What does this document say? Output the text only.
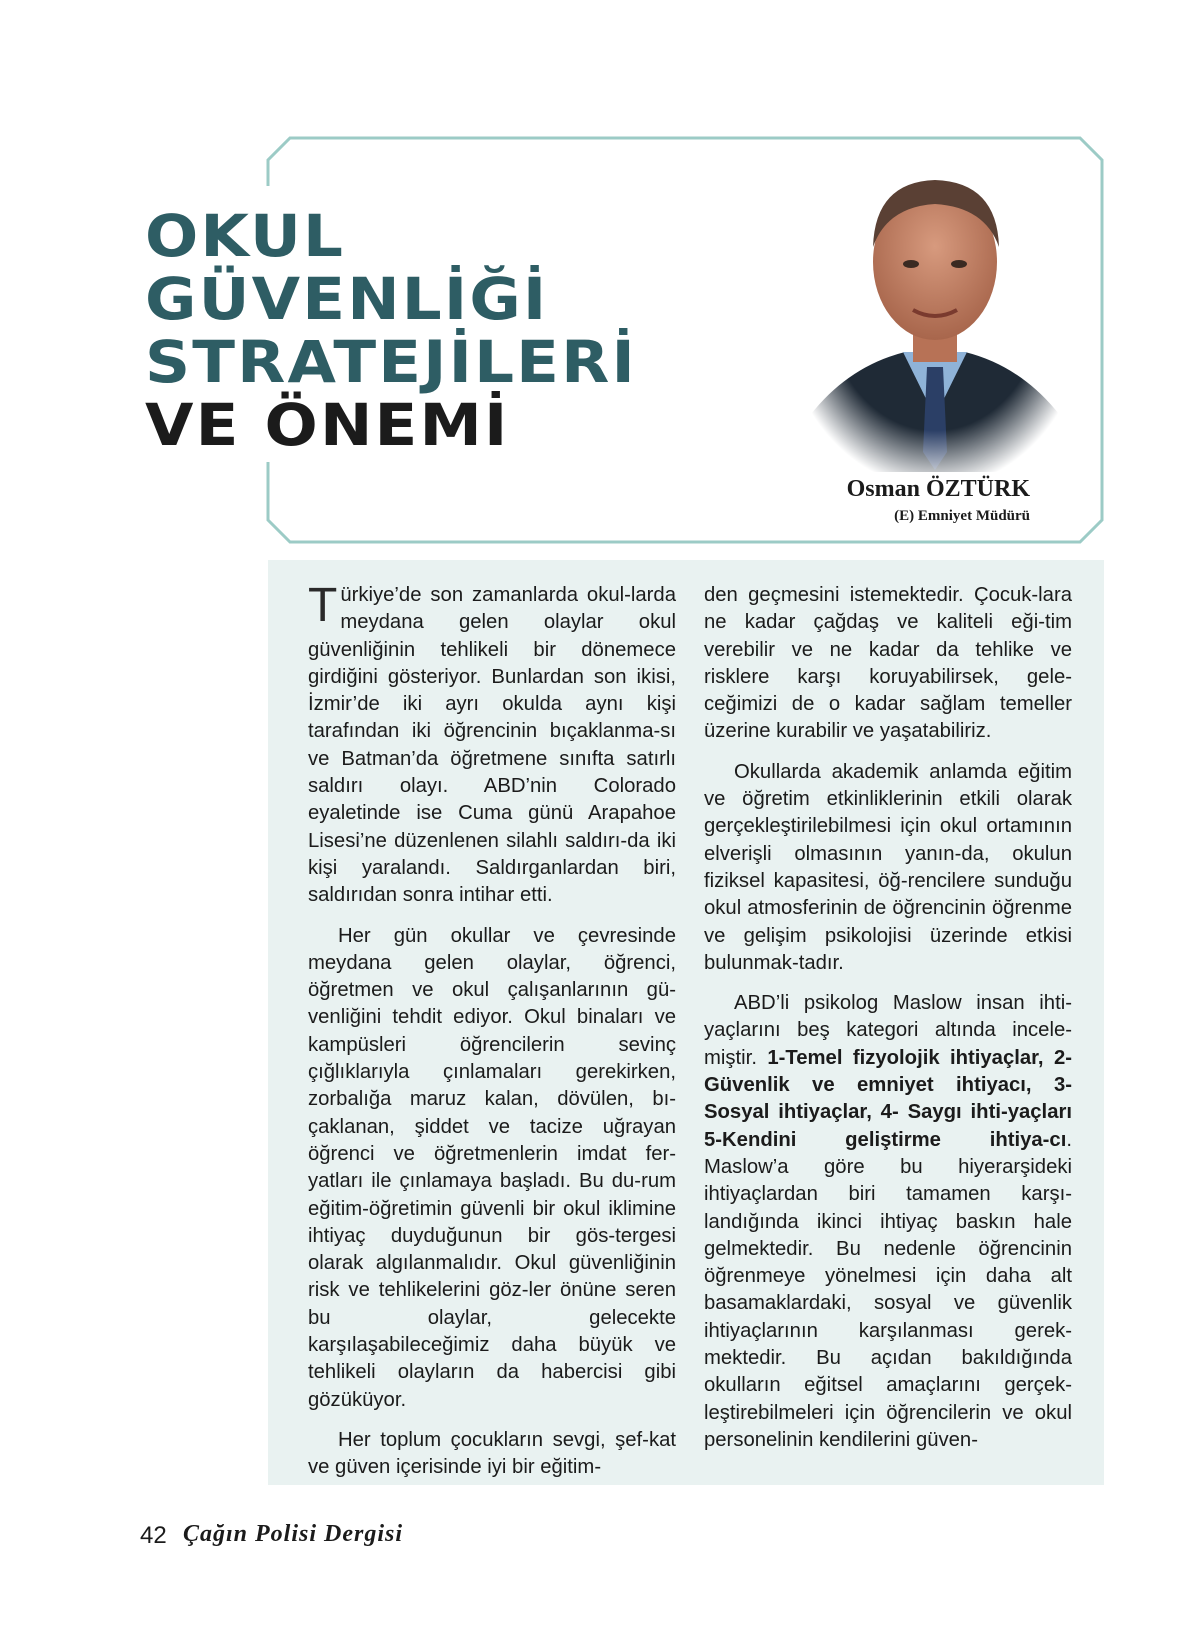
OKUL
GÜVENLİĞİ
STRATEJİLERİ
VE ÖNEMİ
Osman ÖZTÜRK
(E) Emniyet Müdürü

Türkiye’de son zamanlarda okul-larda meydana gelen olaylar okul güvenliğinin tehlikeli bir dönemece girdiğini gösteriyor. Bunlardan son ikisi, İzmir’de iki ayrı okulda aynı kişi tarafından iki öğrencinin bıçaklanma-sı ve Batman’da öğretmene sınıfta satırlı saldırı olayı. ABD’nin Colorado eyaletinde ise Cuma günü Arapahoe Lisesi’ne düzenlenen silahlı saldırı-da iki kişi yaralandı. Saldırganlardan biri, saldırıdan sonra intihar etti.

Her gün okullar ve çevresinde meydana gelen olaylar, öğrenci, öğretmen ve okul çalışanlarının gü-venliğini tehdit ediyor. Okul binaları ve kampüsleri öğrencilerin sevinç çığlıklarıyla çınlamaları gerekirken, zorbalığa maruz kalan, dövülen, bı-çaklanan, şiddet ve tacize uğrayan öğrenci ve öğretmenlerin imdat fer-yatları ile çınlamaya başladı. Bu du-rum eğitim-öğretimin güvenli bir okul iklimine ihtiyaç duyduğunun bir gös-tergesi olarak algılanmalıdır. Okul güvenliğinin risk ve tehlikelerini göz-ler önüne seren bu olaylar, gelecekte karşılaşabileceğimiz daha büyük ve tehlikeli olayların da habercisi gibi gözüküyor.

Her toplum çocukların sevgi, şef-kat ve güven içerisinde iyi bir eğitim-

den geçmesini istemektedir. Çocuk-lara ne kadar çağdaş ve kaliteli eği-tim verebilir ve ne kadar da tehlike ve risklere karşı koruyabilirsek, gele-ceğimizi de o kadar sağlam temeller üzerine kurabilir ve yaşatabiliriz.

Okullarda akademik anlamda eğitim ve öğretim etkinliklerinin etkili olarak gerçekleştirilebilmesi için okul ortamının elverişli olmasının yanın-da, okulun fiziksel kapasitesi, öğ-rencilere sunduğu okul atmosferinin de öğrencinin öğrenme ve gelişim psikolojisi üzerinde etkisi bulunmak-tadır.

ABD’li psikolog Maslow insan ihti-yaçlarını beş kategori altında incele-miştir. 1-Temel fizyolojik ihtiyaçlar, 2- Güvenlik ve emniyet ihtiyacı, 3- Sosyal ihtiyaçlar, 4- Saygı ihti-yaçları 5-Kendini geliştirme ihtiya-cı. Maslow’a göre bu hiyerarşideki ihtiyaçlardan biri tamamen karşı-landığında ikinci ihtiyaç baskın hale gelmektedir. Bu nedenle öğrencinin öğrenmeye yönelmesi için daha alt basamaklardaki, sosyal ve güvenlik ihtiyaçlarının karşılanması gerek-mektedir. Bu açıdan bakıldığında okulların eğitsel amaçlarını gerçek-leştirebilmeleri için öğrencilerin ve okul personelinin kendilerini güven-

42 Çağın Polisi Dergisi
